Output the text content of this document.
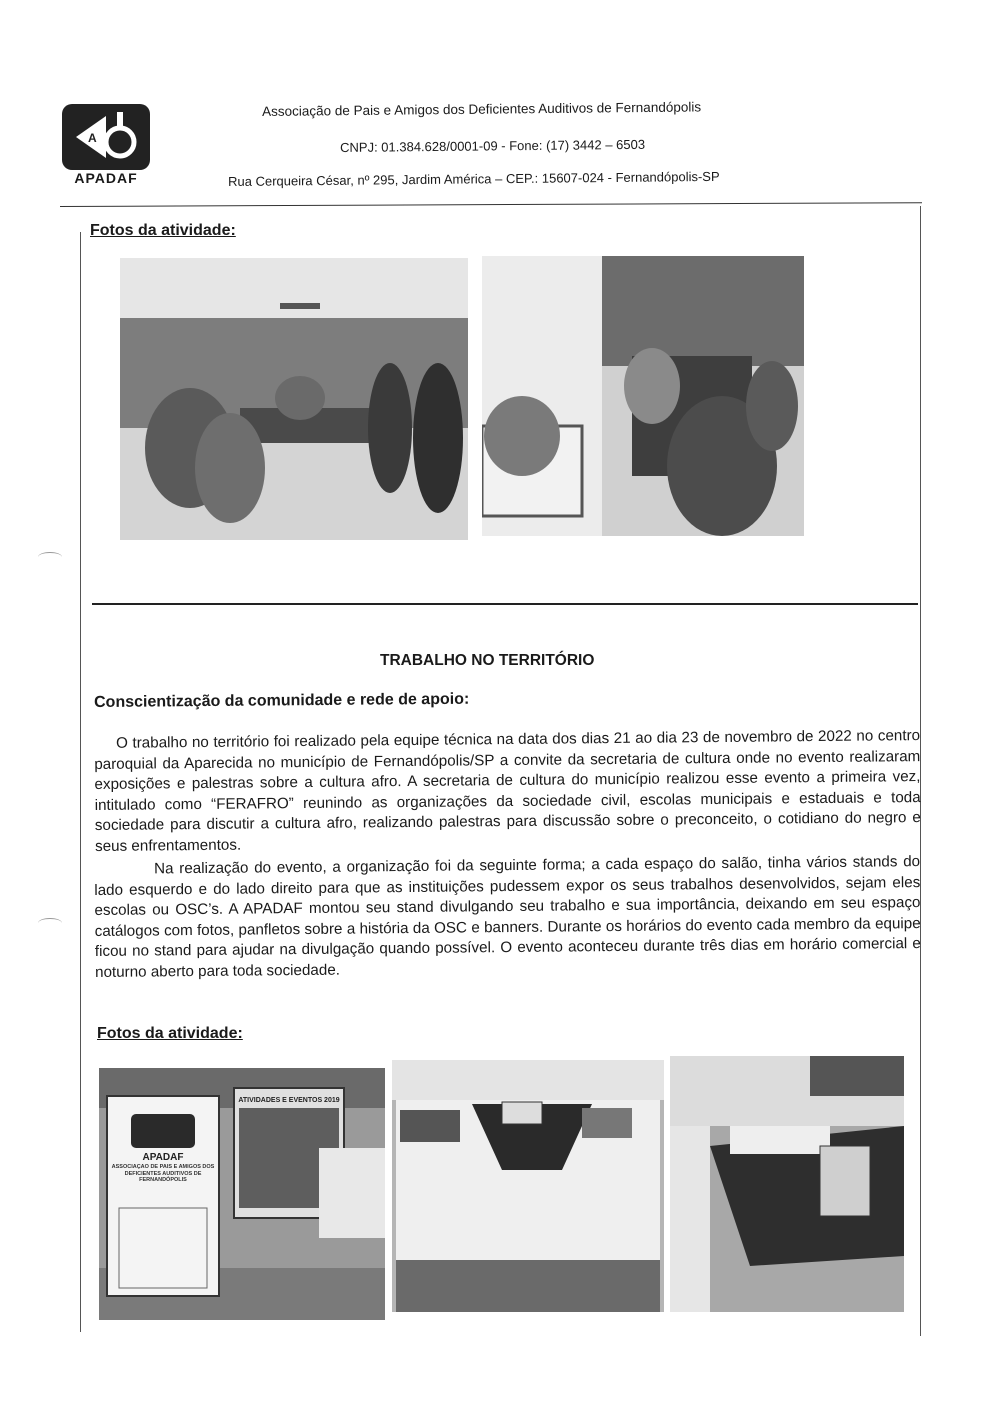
A
APADAF
Associação de Pais e Amigos dos Deficientes Auditivos de Fernandópolis
CNPJ: 01.384.628/0001-09 - Fone: (17) 3442 – 6503
Rua Cerqueira César, nº 295, Jardim América – CEP.: 15607-024 - Fernandópolis-SP
Fotos da atividade:
TRABALHO NO TERRITÓRIO
Conscientização da comunidade e rede de apoio:
O trabalho no território foi realizado pela equipe técnica na data dos dias 21 ao dia 23 de novembro de 2022 no centro paroquial da Aparecida no município de Fernandópolis/SP a convite da secretaria de cultura onde no evento realizaram exposições e palestras sobre a cultura afro. A secretaria de cultura do município realizou esse evento a primeira vez, intitulado como “FERAFRO” reunindo as organizações da sociedade civil, escolas municipais e estaduais e toda sociedade para discutir a cultura afro, realizando palestras para discussão sobre o preconceito, o cotidiano do negro e seus enfrentamentos.
Na realização do evento, a organização foi da seguinte forma; a cada espaço do salão, tinha vários stands do lado esquerdo e do lado direito para que as instituições pudessem expor os seus trabalhos desenvolvidos, sejam eles escolas ou OSC’s. A APADAF montou seu stand divulgando seu trabalho e sua importância, deixando em seu espaço catálogos com fotos, panfletos sobre a história da OSC e banners. Durante os horários do evento cada membro da equipe ficou no stand para ajudar na divulgação quando possível. O evento aconteceu durante três dias em horário comercial e noturno aberto para toda sociedade.
Fotos da atividade:
APADAF
ASSOCIAÇÃO DE PAIS E AMIGOS DOS DEFICIENTES AUDITIVOS DE FERNANDÓPOLIS
ATIVIDADES E EVENTOS 2019
